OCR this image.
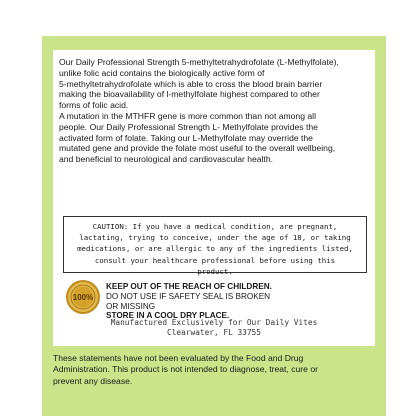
Our Daily Professional Strength 5-methyltetrahydrofolate (L-Methylfolate),
unlike folic acid contains the biologically active form of
5-methyltetrahydrofolate which is able to cross the blood brain barrier
making the bioavailability of l-methylfolate highest compared to other
forms of folic acid.

A mutation in the MTHFR gene is more common than not among all
people. Our Daily Professional Strength L- Methylfolate provides the
activated form of folate. Taking our L-Methylfolate may override the
mutated gene and provide the folate most useful to the overall wellbeing,
and beneficial to neurological and cardiovascular health.

CAUTION: If you have a medical condition, are pregnant,
lactating, trying to conceive, under the age of 18, or taking
medications, or are allergic to any of the ingredients listed,
consult your healthcare professional before using this
product.
100%
KEEP OUT OF THE REACH OF CHILDREN.
DO NOT USE IF SAFETY SEAL IS BROKEN
OR MISSING
STORE IN A COOL DRY PLACE.
Manufactured Exclusively for Our Daily Vites
Clearwater, FL 33755
These statements have not been evaluated by the Food and Drug
Administration. This product is not intended to diagnose, treat, cure or
prevent any disease.
